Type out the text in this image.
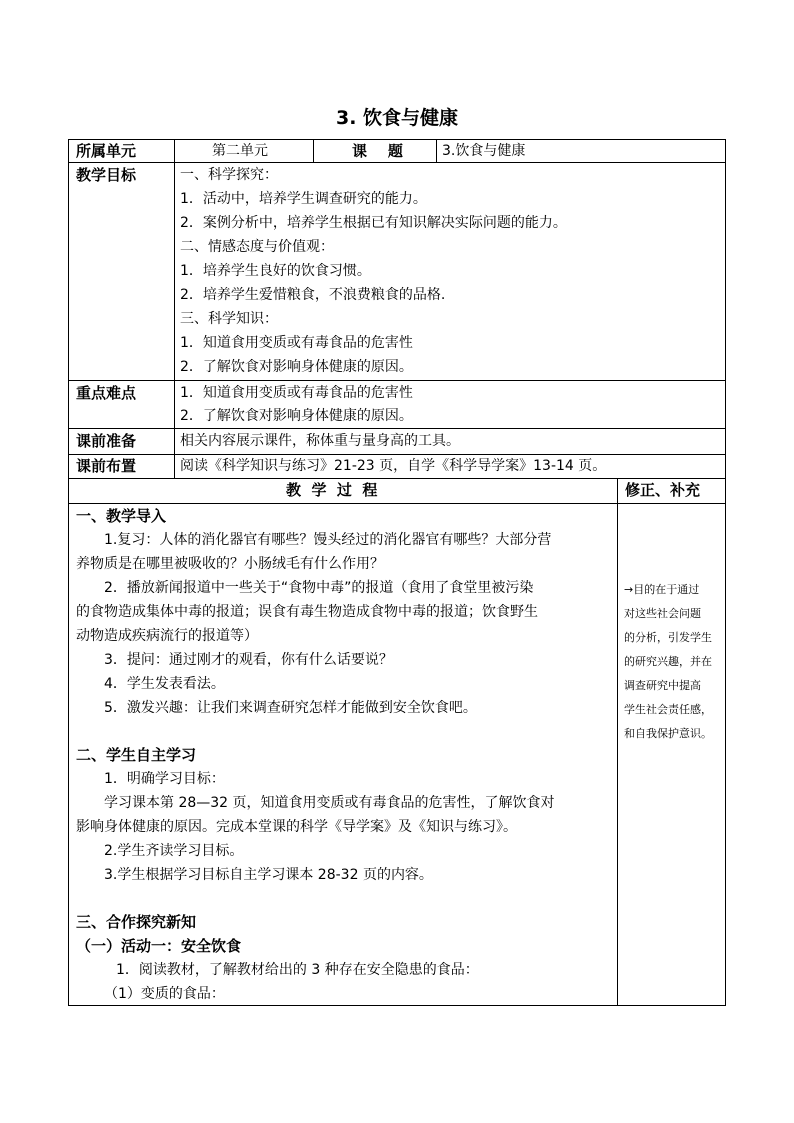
3. 饮食与健康
所属单元	第二单元	课    题	3.饮食与健康
教学目标	一、科学探究：
1．活动中，培养学生调查研究的能力。
2．案例分析中，培养学生根据已有知识解决实际问题的能力。
二、情感态度与价值观：
1．培养学生良好的饮食习惯。
2．培养学生爱惜粮食，不浪费粮食的品格.
三、科学知识：
1．知道食用变质或有毒食品的危害性
2．了解饮食对影响身体健康的原因。
重点难点	1．知道食用变质或有毒食品的危害性
2．了解饮食对影响身体健康的原因。
课前准备	相关内容展示课件，称体重与量身高的工具。
课前布置	阅读《科学知识与练习》21-23 页，自学《科学导学案》13-14 页。
教  学  过  程	修正、补充
一、教学导入
1.复习：人体的消化器官有哪些？馒头经过的消化器官有哪些？大部分营
养物质是在哪里被吸收的？小肠绒毛有什么作用？
2．播放新闻报道中一些关于“食物中毒”的报道（食用了食堂里被污染
的食物造成集体中毒的报道；误食有毒生物造成食物中毒的报道；饮食野生
动物造成疾病流行的报道等）
3．提问：通过刚才的观看，你有什么话要说？
4．学生发表看法。
5．激发兴趣：让我们来调查研究怎样才能做到安全饮食吧。
二、学生自主学习
1．明确学习目标：
学习课本第 28—32 页，知道食用变质或有毒食品的危害性，了解饮食对
影响身体健康的原因。完成本堂课的科学《导学案》及《知识与练习》。
2.学生齐读学习目标。
3.学生根据学习目标自主学习课本 28-32 页的内容。
三、合作探究新知
（一）活动一：安全饮食
1．阅读教材，了解教材给出的 3 种存在安全隐患的食品：
（1）变质的食品：
→目的在于通过
对这些社会问题
的分析，引发学生
的研究兴趣，并在
调查研究中提高
学生社会责任感，
和自我保护意识。
